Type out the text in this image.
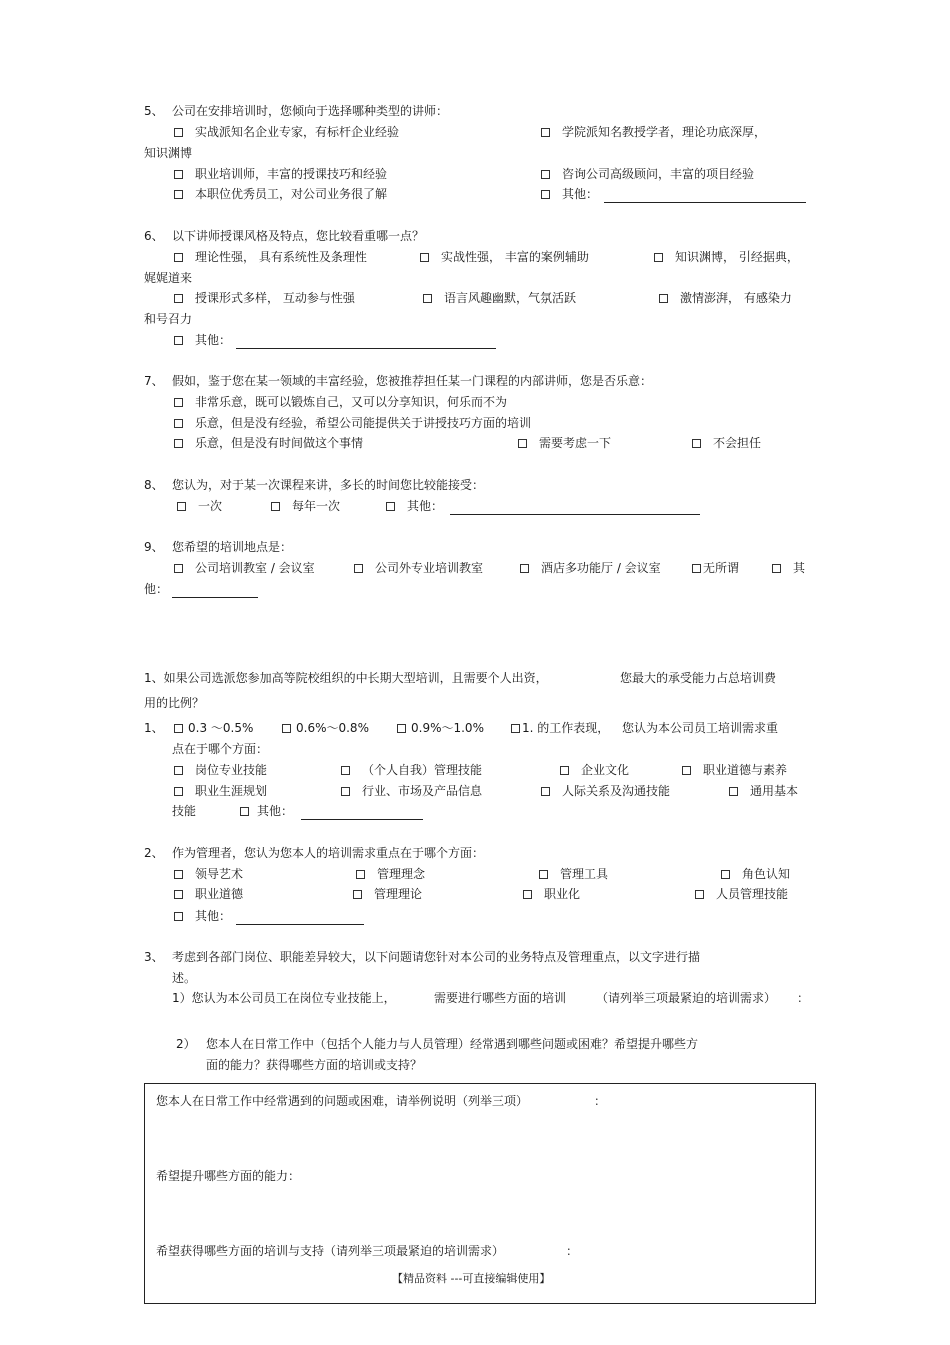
5、 公司在安排培训时，您倾向于选择哪种类型的讲师：
实战派知名企业专家，有标杆企业经验	学院派知名教授学者，理论功底深厚，
知识渊博
职业培训师，丰富的授课技巧和经验	咨询公司高级顾问，丰富的项目经验
本职位优秀员工，对公司业务很了解	其他：
6、 以下讲师授课风格及特点，您比较看重哪一点？
理论性强， 具有系统性及条理性	实战性强， 丰富的案例辅助	知识渊博， 引经据典，
娓娓道来
授课形式多样， 互动参与性强	语言风趣幽默，气氛活跃	激情澎湃， 有感染力
和号召力
其他：
7、 假如，鉴于您在某一领域的丰富经验，您被推荐担任某一门课程的内部讲师，您是否乐意：
非常乐意，既可以锻炼自己，又可以分享知识，何乐而不为
乐意，但是没有经验，希望公司能提供关于讲授技巧方面的培训
乐意，但是没有时间做这个事情	需要考虑一下	不会担任
8、 您认为，对于某一次课程来讲，多长的时间您比较能接受：
一次	每年一次	其他：
9、 您希望的培训地点是：
公司培训教室 / 会议室	公司外专业培训教室	酒店多功能厅 / 会议室	无所谓	其
他：
1、如果公司选派您参加高等院校组织的中长期大型培训，且需要个人出资，	您最大的承受能力占总培训费
用的比例？
1、	0.3 ～0.5%	0.6%～0.8%	0.9%～1.0%	1. 的工作表现， 您认为本公司员工培训需求重
点在于哪个方面：
岗位专业技能	（个人自我）管理技能	企业文化	职业道德与素养
职业生涯规划	行业、市场及产品信息	人际关系及沟通技能	通用基本
技能	其他：
2、 作为管理者，您认为您本人的培训需求重点在于哪个方面：
领导艺术	管理理念	管理工具	角色认知
职业道德	管理理论	职业化	人员管理技能
其他：
3、 考虑到各部门岗位、职能差异较大，以下问题请您针对本公司的业务特点及管理重点，以文字进行描
述。
1）您认为本公司员工在岗位专业技能上，	需要进行哪些方面的培训 （请列举三项最紧迫的培训需求） ：
2） 您本人在日常工作中（包括个人能力与人员管理）经常遇到哪些问题或困难？希望提升哪些方
面的能力？获得哪些方面的培训或支持？
您本人在日常工作中经常遇到的问题或困难，请举例说明（列举三项）	：
希望提升哪些方面的能力：
希望获得哪些方面的培训与支持（请列举三项最紧迫的培训需求）	：
【精品资料 ---可直接编辑使用】
